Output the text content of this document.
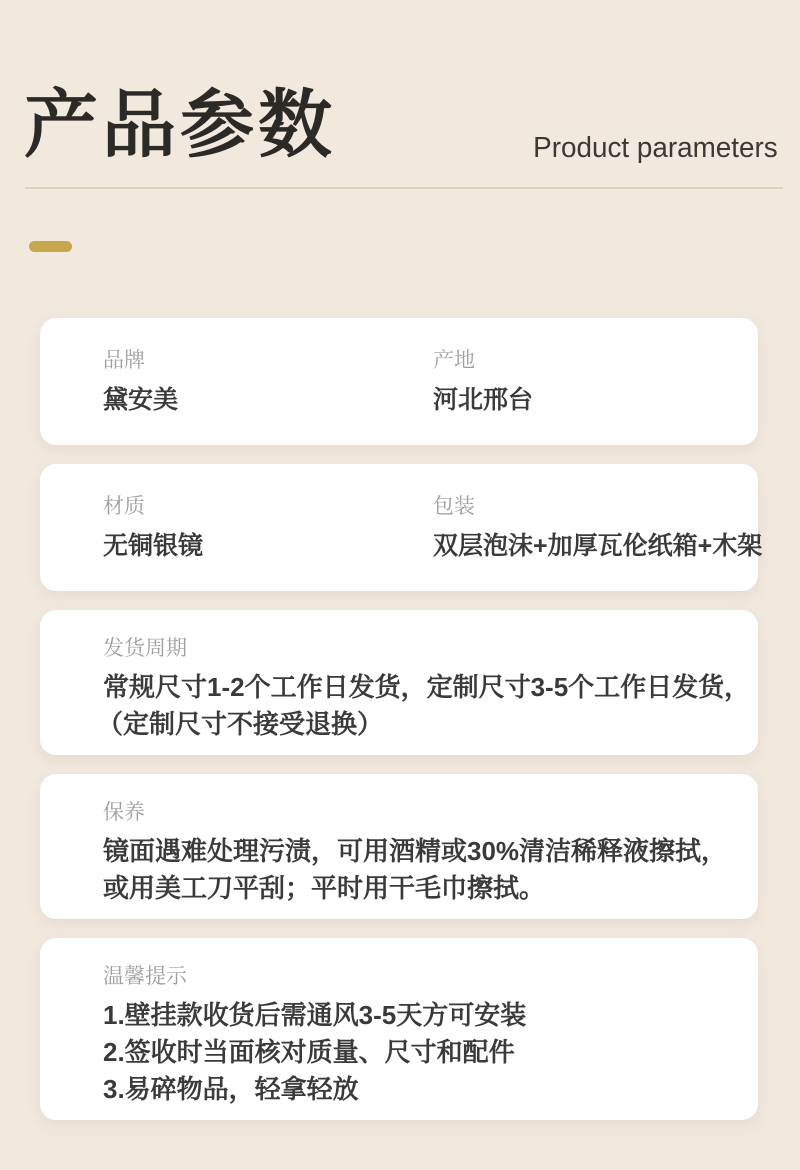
产品参数	Product parameters
品牌
黛安美
产地
河北邢台
材质
无铜银镜
包装
双层泡沫+加厚瓦伦纸箱+木架
发货周期
常规尺寸1-2个工作日发货，定制尺寸3-5个工作日发货，
（定制尺寸不接受退换）
保养
镜面遇难处理污渍，可用酒精或30%清洁稀释液擦拭，
或用美工刀平刮；平时用干毛巾擦拭。
温馨提示
1.壁挂款收货后需通风3-5天方可安装
2.签收时当面核对质量、尺寸和配件
3.易碎物品，轻拿轻放
